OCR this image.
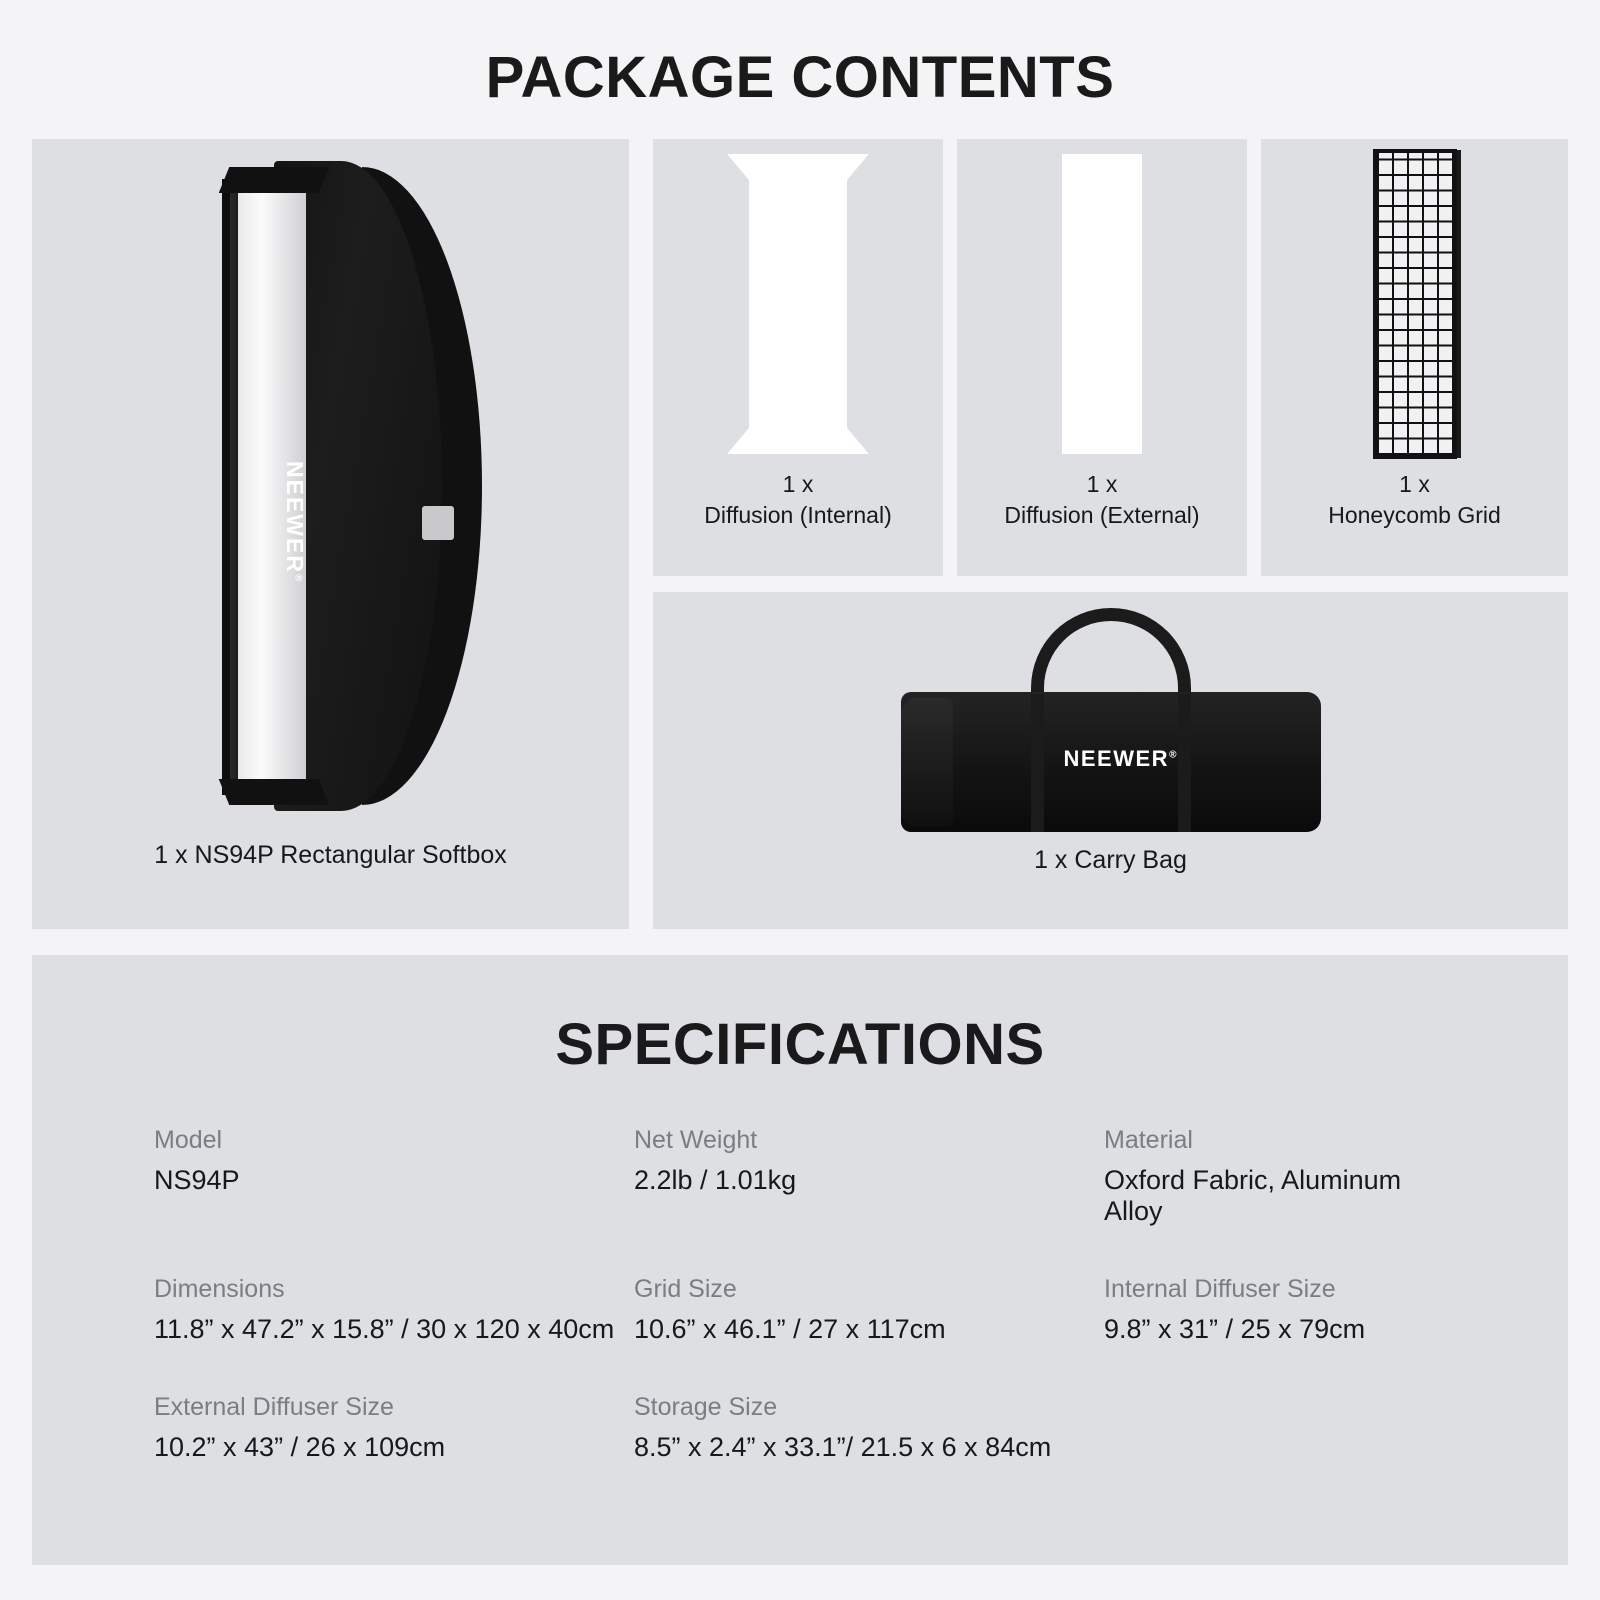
PACKAGE CONTENTS
NEEWER®
1 x NS94P Rectangular Softbox
1 x
Diffusion (Internal)
1 x
Diffusion (External)
1 x
Honeycomb Grid
NEEWER®
1 x Carry Bag
SPECIFICATIONS
Model
NS94P
Net Weight
2.2lb / 1.01kg
Material
Oxford Fabric, Aluminum Alloy
Dimensions
11.8” x 47.2” x 15.8” / 30 x 120 x 40cm
Grid Size
10.6” x 46.1” / 27 x 117cm
Internal Diffuser Size
9.8” x 31” / 25 x 79cm
External Diffuser Size
10.2” x 43” / 26 x 109cm
Storage Size
8.5” x 2.4” x 33.1”/ 21.5 x 6 x 84cm
